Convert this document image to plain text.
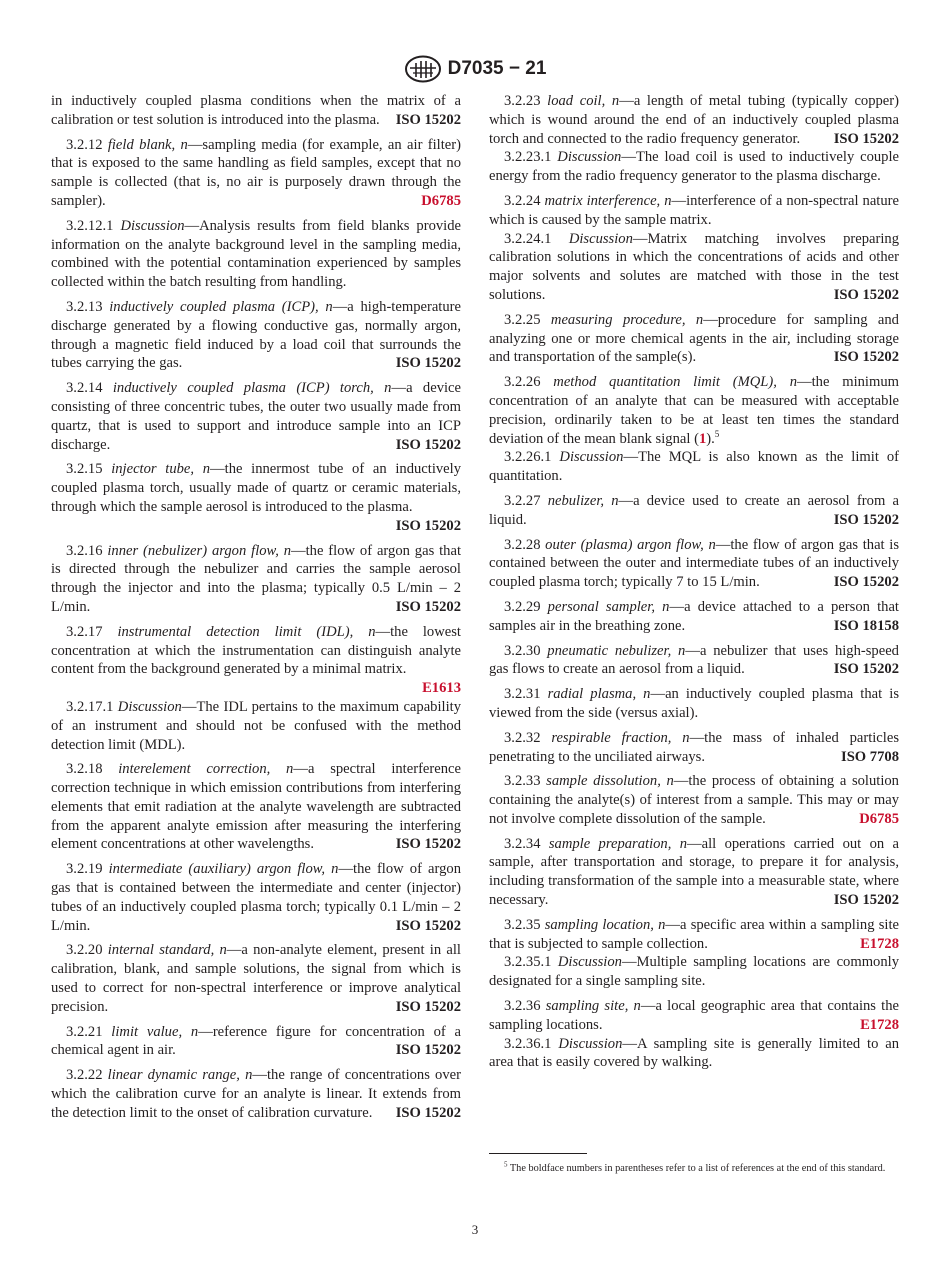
D7035 − 21

in inductively coupled plasma conditions when the matrix of a calibration or test solution is introduced into the plasma. ISO 15202

3.2.12 field blank, n—sampling media (for example, an air filter) that is exposed to the same handling as field samples, except that no sample is collected (that is, no air is purposely drawn through the sampler).	D6785

3.2.12.1 Discussion—Analysis results from field blanks provide information on the analyte background level in the sampling media, combined with the potential contamination experienced by samples collected within the batch resulting from handling.

3.2.13 inductively coupled plasma (ICP), n—a high-temperature discharge generated by a flowing conductive gas, normally argon, through a magnetic field induced by a load coil that surrounds the tubes carrying the gas.	ISO 15202

3.2.14 inductively coupled plasma (ICP) torch, n—a device consisting of three concentric tubes, the outer two usually made from quartz, that is used to support and introduce sample into an ICP discharge.	ISO 15202

3.2.15 injector tube, n—the innermost tube of an inductively coupled plasma torch, usually made of quartz or ceramic materials, through which the sample aerosol is introduced to the plasma.
ISO 15202

3.2.16 inner (nebulizer) argon flow, n—the flow of argon gas that is directed through the nebulizer and carries the sample aerosol through the injector and into the plasma; typically 0.5 L/min – 2 L/min.	ISO 15202

3.2.17 instrumental detection limit (IDL), n—the lowest concentration at which the instrumentation can distinguish analyte content from the background generated by a minimal matrix.
E1613

3.2.17.1 Discussion—The IDL pertains to the maximum capability of an instrument and should not be confused with the method detection limit (MDL).

3.2.18 interelement correction, n—a spectral interference correction technique in which emission contributions from interfering elements that emit radiation at the analyte wavelength are subtracted from the apparent analyte emission after measuring the interfering element concentrations at other wavelengths.	ISO 15202

3.2.19 intermediate (auxiliary) argon flow, n—the flow of argon gas that is contained between the intermediate and center (injector) tubes of an inductively coupled plasma torch; typically 0.1 L/min – 2 L/min.	ISO 15202

3.2.20 internal standard, n—a non-analyte element, present in all calibration, blank, and sample solutions, the signal from which is used to correct for non-spectral interference or improve analytical precision.	ISO 15202

3.2.21 limit value, n—reference figure for concentration of a chemical agent in air.	ISO 15202

3.2.22 linear dynamic range, n—the range of concentrations over which the calibration curve for an analyte is linear. It extends from the detection limit to the onset of calibration curvature.	ISO 15202

3.2.23 load coil, n—a length of metal tubing (typically copper) which is wound around the end of an inductively coupled plasma torch and connected to the radio frequency generator.	ISO 15202

3.2.23.1 Discussion—The load coil is used to inductively couple energy from the radio frequency generator to the plasma discharge.

3.2.24 matrix interference, n—interference of a non-spectral nature which is caused by the sample matrix.

3.2.24.1 Discussion—Matrix matching involves preparing calibration solutions in which the concentrations of acids and other major solvents and solutes are matched with those in the test solutions.	ISO 15202

3.2.25 measuring procedure, n—procedure for sampling and analyzing one or more chemical agents in the air, including storage and transportation of the sample(s).	ISO 15202

3.2.26 method quantitation limit (MQL), n—the minimum concentration of an analyte that can be measured with acceptable precision, ordinarily taken to be at least ten times the standard deviation of the mean blank signal (1).$^5$

3.2.26.1 Discussion—The MQL is also known as the limit of quantitation.

3.2.27 nebulizer, n—a device used to create an aerosol from a liquid.	ISO 15202

3.2.28 outer (plasma) argon flow, n—the flow of argon gas that is contained between the outer and intermediate tubes of an inductively coupled plasma torch; typically 7 to 15 L/min.	ISO 15202

3.2.29 personal sampler, n—a device attached to a person that samples air in the breathing zone.	ISO 18158

3.2.30 pneumatic nebulizer, n—a nebulizer that uses high-speed gas flows to create an aerosol from a liquid.	ISO 15202

3.2.31 radial plasma, n—an inductively coupled plasma that is viewed from the side (versus axial).

3.2.32 respirable fraction, n—the mass of inhaled particles penetrating to the unciliated airways.	ISO 7708

3.2.33 sample dissolution, n—the process of obtaining a solution containing the analyte(s) of interest from a sample. This may or may not involve complete dissolution of the sample.	D6785

3.2.34 sample preparation, n—all operations carried out on a sample, after transportation and storage, to prepare it for analysis, including transformation of the sample into a measurable state, where necessary.	ISO 15202

3.2.35 sampling location, n—a specific area within a sampling site that is subjected to sample collection.	E1728

3.2.35.1 Discussion—Multiple sampling locations are commonly designated for a single sampling site.

3.2.36 sampling site, n—a local geographic area that contains the sampling locations.	E1728

3.2.36.1 Discussion—A sampling site is generally limited to an area that is easily covered by walking.

$^5$ The boldface numbers in parentheses refer to a list of references at the end of this standard.
3
